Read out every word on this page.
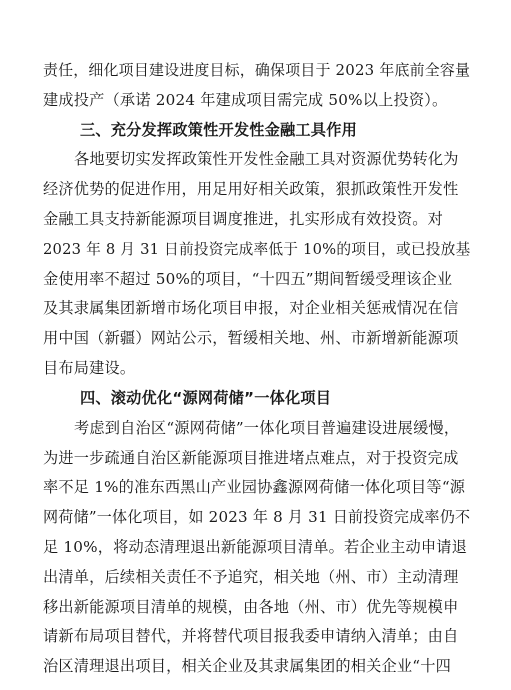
责任，细化项目建设进度目标，确保项目于 2023 年底前全容量
建成投产（承诺 2024 年建成项目需完成 50%以上投资）。
三、充分发挥政策性开发性金融工具作用
各地要切实发挥政策性开发性金融工具对资源优势转化为
经济优势的促进作用，用足用好相关政策，狠抓政策性开发性
金融工具支持新能源项目调度推进，扎实形成有效投资。对
2023 年 8 月 31 日前投资完成率低于 10%的项目，或已投放基
金使用率不超过 50%的项目，“十四五”期间暂缓受理该企业
及其隶属集团新增市场化项目申报，对企业相关惩戒情况在信
用中国（新疆）网站公示，暂缓相关地、州、市新增新能源项
目布局建设。
四、滚动优化“源网荷储”一体化项目
考虑到自治区“源网荷储”一体化项目普遍建设进展缓慢，
为进一步疏通自治区新能源项目推进堵点难点，对于投资完成
率不足 1%的准东西黑山产业园协鑫源网荷储一体化项目等“源
网荷储”一体化项目，如 2023 年 8 月 31 日前投资完成率仍不
足 10%，将动态清理退出新能源项目清单。若企业主动申请退
出清单，后续相关责任不予追究，相关地（州、市）主动清理
移出新能源项目清单的规模，由各地（州、市）优先等规模申
请新布局项目替代，并将替代项目报我委申请纳入清单；由自
治区清理退出项目，相关企业及其隶属集团的相关企业“十四
